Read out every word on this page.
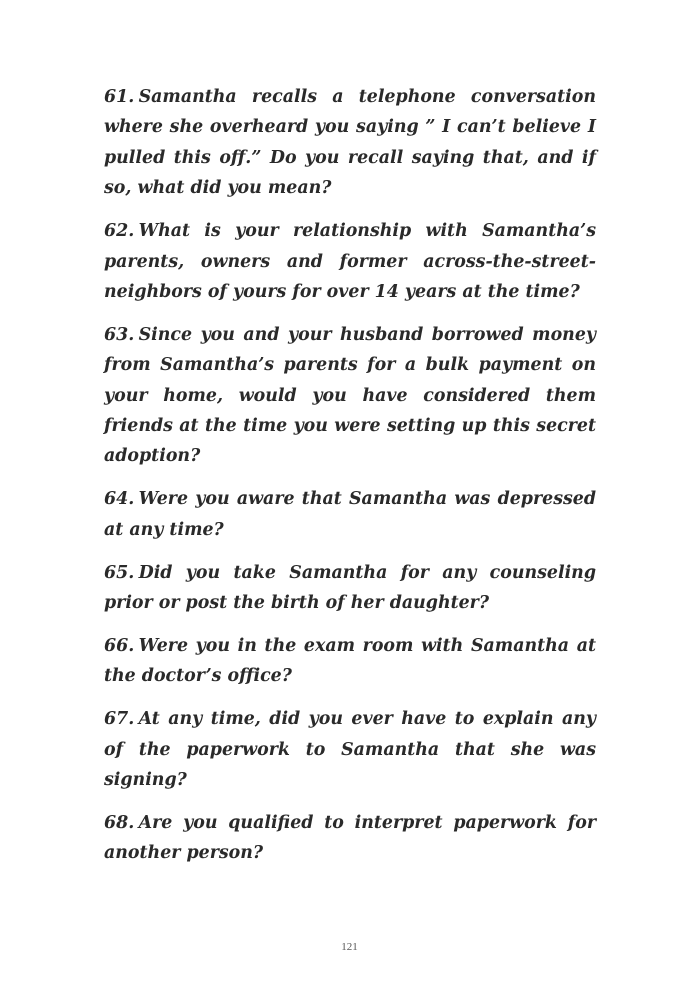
61. Samantha recalls a telephone conversation where she overheard you saying ” I can’t believe I pulled this off.” Do you recall saying that, and if so, what did you mean?

62. What is your relationship with Samantha’s parents, owners and former across-the-street-neighbors of yours for over 14 years at the time?

63. Since you and your husband borrowed money from Samantha’s parents for a bulk payment on your home, would you have considered them friends at the time you were setting up this secret adoption?

64. Were you aware that Samantha was depressed at any time?

65. Did you take Samantha for any counseling prior or post the birth of her daughter?

66. Were you in the exam room with Samantha at the doctor’s office?

67. At any time, did you ever have to explain any of the paperwork to Samantha that she was signing?

68. Are you qualified to interpret paperwork for another person?

121
